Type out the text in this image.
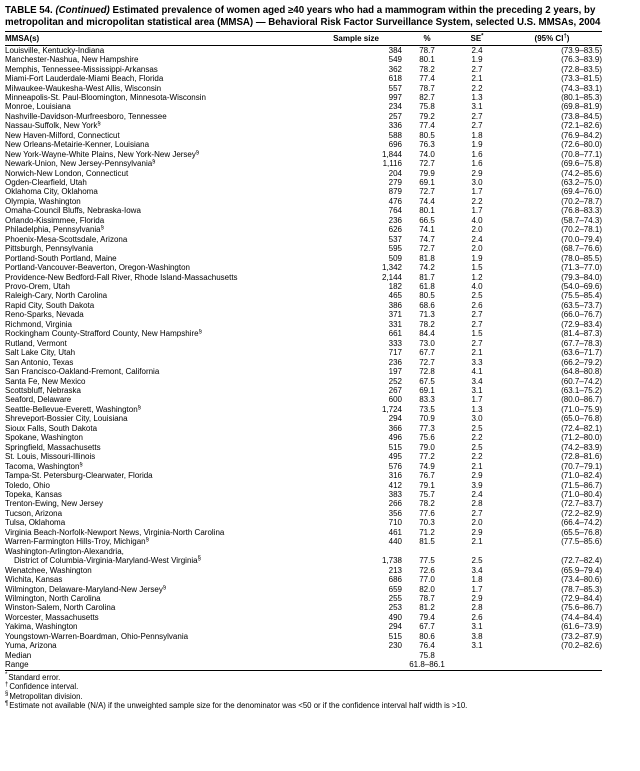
TABLE 54. (Continued) Estimated prevalence of women aged ≥40 years who had a mammogram within the preceding 2 years, by metropolitan and micropolitan statistical area (MMSA) — Behavioral Risk Factor Surveillance System, selected U.S. MMSAs, 2004
MMSA(s)	Sample size	%	SE*	(95% CI†)

Louisville, Kentucky-Indiana	384	78.7	2.4	(73.9–83.5)

Manchester-Nashua, New Hampshire	549	80.1	1.9	(76.3–83.9)

Memphis, Tennessee-Mississippi-Arkansas	362	78.2	2.7	(72.8–83.5)

Miami-Fort Lauderdale-Miami Beach, Florida	618	77.4	2.1	(73.3–81.5)

Milwaukee-Waukesha-West Allis, Wisconsin	557	78.7	2.2	(74.3–83.1)

Minneapolis-St. Paul-Bloomington, Minnesota-Wisconsin	997	82.7	1.3	(80.1–85.3)

Monroe, Louisiana	234	75.8	3.1	(69.8–81.9)

Nashville-Davidson-Murfreesboro, Tennessee	257	79.2	2.7	(73.8–84.5)

Nassau-Suffolk, New York§	336	77.4	2.7	(72.1–82.6)

New Haven-Milford, Connecticut	588	80.5	1.8	(76.9–84.2)

New Orleans-Metairie-Kenner, Louisiana	696	76.3	1.9	(72.6–80.0)

New York-Wayne-White Plains, New York-New Jersey§	1,844	74.0	1.6	(70.8–77.1)

Newark-Union, New Jersey-Pennsylvania§	1,116	72.7	1.6	(69.6–75.8)

Norwich-New London, Connecticut	204	79.9	2.9	(74.2–85.6)

Ogden-Clearfield, Utah	279	69.1	3.0	(63.2–75.0)

Oklahoma City, Oklahoma	879	72.7	1.7	(69.4–76.0)

Olympia, Washington	476	74.4	2.2	(70.2–78.7)

Omaha-Council Bluffs, Nebraska-Iowa	764	80.1	1.7	(76.8–83.3)

Orlando-Kissimmee, Florida	236	66.5	4.0	(58.7–74.3)

Philadelphia, Pennsylvania§	626	74.1	2.0	(70.2–78.1)

Phoenix-Mesa-Scottsdale, Arizona	537	74.7	2.4	(70.0–79.4)

Pittsburgh, Pennsylvania	595	72.7	2.0	(68.7–76.6)

Portland-South Portland, Maine	509	81.8	1.9	(78.0–85.5)

Portland-Vancouver-Beaverton, Oregon-Washington	1,342	74.2	1.5	(71.3–77.0)

Providence-New Bedford-Fall River, Rhode Island-Massachusetts	2,144	81.7	1.2	(79.3–84.0)

Provo-Orem, Utah	182	61.8	4.0	(54.0–69.6)

Raleigh-Cary, North Carolina	465	80.5	2.5	(75.5–85.4)

Rapid City, South Dakota	386	68.6	2.6	(63.5–73.7)

Reno-Sparks, Nevada	371	71.3	2.7	(66.0–76.7)

Richmond, Virginia	331	78.2	2.7	(72.9–83.4)

Rockingham County-Strafford County, New Hampshire§	661	84.4	1.5	(81.4–87.3)

Rutland, Vermont	333	73.0	2.7	(67.7–78.3)

Salt Lake City, Utah	717	67.7	2.1	(63.6–71.7)

San Antonio, Texas	236	72.7	3.3	(66.2–79.2)

San Francisco-Oakland-Fremont, California	197	72.8	4.1	(64.8–80.8)

Santa Fe, New Mexico	252	67.5	3.4	(60.7–74.2)

Scottsbluff, Nebraska	267	69.1	3.1	(63.1–75.2)

Seaford, Delaware	600	83.3	1.7	(80.0–86.7)

Seattle-Bellevue-Everett, Washington§	1,724	73.5	1.3	(71.0–75.9)

Shreveport-Bossier City, Louisiana	294	70.9	3.0	(65.0–76.8)

Sioux Falls, South Dakota	366	77.3	2.5	(72.4–82.1)

Spokane, Washington	496	75.6	2.2	(71.2–80.0)

Springfield, Massachusetts	515	79.0	2.5	(74.2–83.9)

St. Louis, Missouri-Illinois	495	77.2	2.2	(72.8–81.6)

Tacoma, Washington§	576	74.9	2.1	(70.7–79.1)

Tampa-St. Petersburg-Clearwater, Florida	316	76.7	2.9	(71.0–82.4)

Toledo, Ohio	412	79.1	3.9	(71.5–86.7)

Topeka, Kansas	383	75.7	2.4	(71.0–80.4)

Trenton-Ewing, New Jersey	266	78.2	2.8	(72.7–83.7)

Tucson, Arizona	356	77.6	2.7	(72.2–82.9)

Tulsa, Oklahoma	710	70.3	2.0	(66.4–74.2)

Virginia Beach-Norfolk-Newport News, Virginia-North Carolina	461	71.2	2.9	(65.5–76.8)

Warren-Farmington Hills-Troy, Michigan§	440	81.5	2.1	(77.5–85.6)

Washington-Arlington-Alexandria,
District of Columbia-Virginia-Maryland-West Virginia§	1,738	77.5	2.5	(72.7–82.4)

Wenatchee, Washington	213	72.6	3.4	(65.9–79.4)

Wichita, Kansas	686	77.0	1.8	(73.4–80.6)

Wilmington, Delaware-Maryland-New Jersey§	659	82.0	1.7	(78.7–85.3)

Wilmington, North Carolina	255	78.7	2.9	(72.9–84.4)

Winston-Salem, North Carolina	253	81.2	2.8	(75.6–86.7)

Worcester, Massachusetts	490	79.4	2.6	(74.4–84.4)

Yakima, Washington	294	67.7	3.1	(61.6–73.9)

Youngstown-Warren-Boardman, Ohio-Pennsylvania	515	80.6	3.8	(73.2–87.9)

Yuma, Arizona	230	76.4	3.1	(70.2–82.6)

Median		75.8		

Range		61.8–86.1		
*Standard error.
†Confidence interval.
§Metropolitan division.
¶Estimate not available (N/A) if the unweighted sample size for the denominator was <50 or if the confidence interval half width is >10.
